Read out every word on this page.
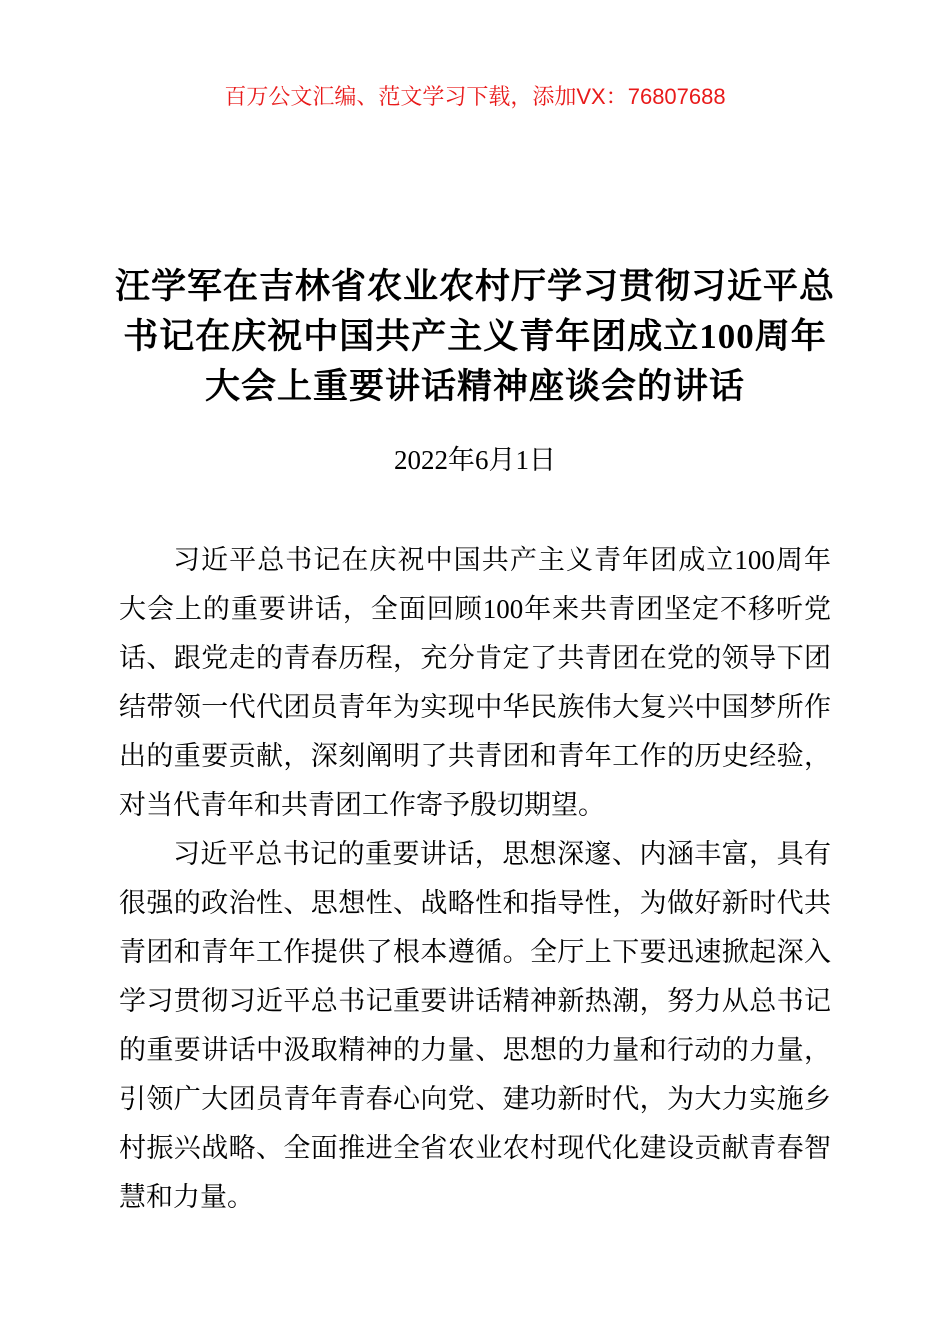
百万公文汇编、范文学习下载，添加VX：76807688
汪学军在吉林省农业农村厅学习贯彻习近平总
书记在庆祝中国共产主义青年团成立100周年
大会上重要讲话精神座谈会的讲话
2022年6月1日

习近平总书记在庆祝中国共产主义青年团成立100周年大会上的重要讲话，全面回顾100年来共青团坚定不移听党话、跟党走的青春历程，充分肯定了共青团在党的领导下团结带领一代代团员青年为实现中华民族伟大复兴中国梦所作出的重要贡献，深刻阐明了共青团和青年工作的历史经验，对当代青年和共青团工作寄予殷切期望。

习近平总书记的重要讲话，思想深邃、内涵丰富，具有很强的政治性、思想性、战略性和指导性，为做好新时代共青团和青年工作提供了根本遵循。全厅上下要迅速掀起深入学习贯彻习近平总书记重要讲话精神新热潮，努力从总书记的重要讲话中汲取精神的力量、思想的力量和行动的力量，引领广大团员青年青春心向党、建功新时代，为大力实施乡村振兴战略、全面推进全省农业农村现代化建设贡献青春智慧和力量。
